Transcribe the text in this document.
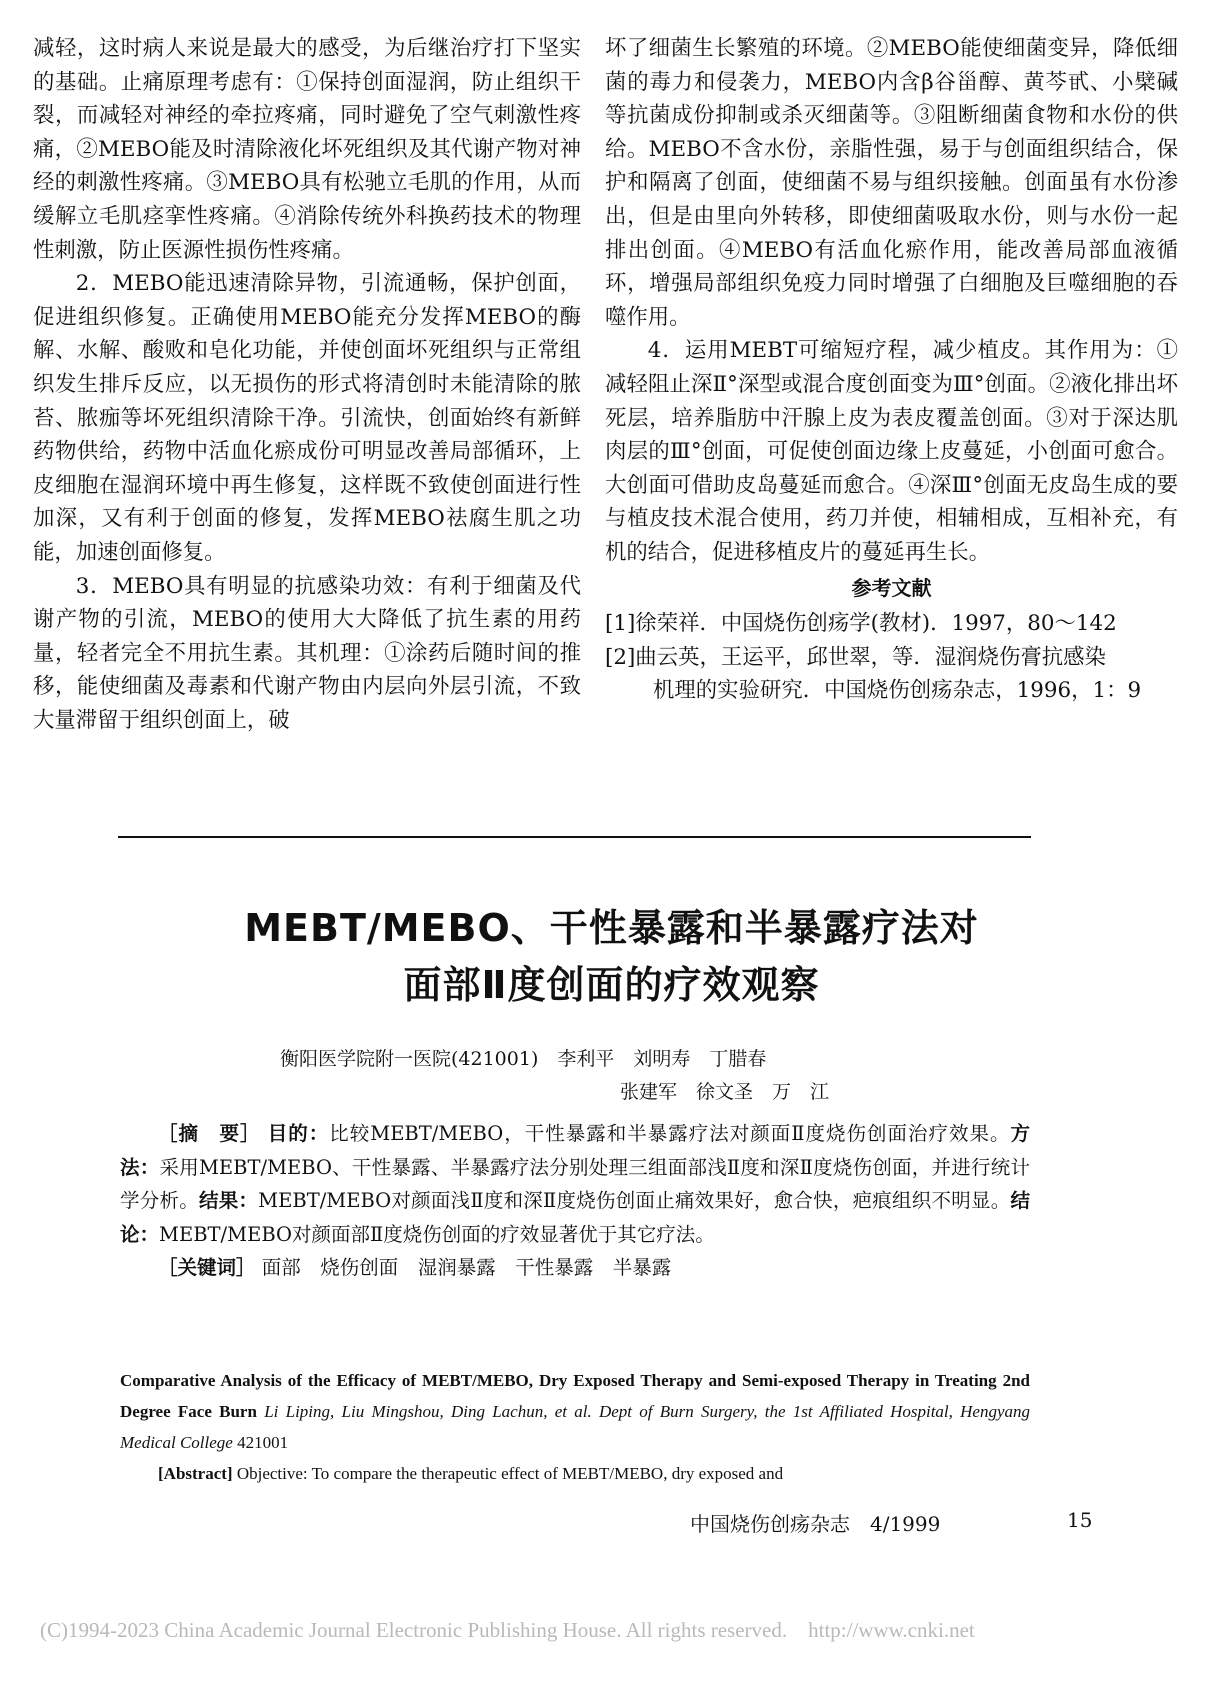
减轻，这时病人来说是最大的感受，为后继治疗打下坚实的基础。止痛原理考虑有：①保持创面湿润，防止组织干裂，而减轻对神经的牵拉疼痛，同时避免了空气刺激性疼痛，②MEBO能及时清除液化坏死组织及其代谢产物对神经的刺激性疼痛。③MEBO具有松驰立毛肌的作用，从而缓解立毛肌痉挛性疼痛。④消除传统外科换药技术的物理性刺激，防止医源性损伤性疼痛。

2．MEBO能迅速清除异物，引流通畅，保护创面，促进组织修复。正确使用MEBO能充分发挥MEBO的酶解、水解、酸败和皂化功能，并使创面坏死组织与正常组织发生排斥反应，以无损伤的形式将清创时未能清除的脓苔、脓痂等坏死组织清除干净。引流快，创面始终有新鲜药物供给，药物中活血化瘀成份可明显改善局部循环，上皮细胞在湿润环境中再生修复，这样既不致使创面进行性加深，又有利于创面的修复，发挥MEBO祛腐生肌之功能，加速创面修复。

3．MEBO具有明显的抗感染功效：有利于细菌及代谢产物的引流，MEBO的使用大大降低了抗生素的用药量，轻者完全不用抗生素。其机理：①涂药后随时间的推移，能使细菌及毒素和代谢产物由内层向外层引流，不致大量滞留于组织创面上，破

坏了细菌生长繁殖的环境。②MEBO能使细菌变异，降低细菌的毒力和侵袭力，MEBO内含β谷甾醇、黄芩甙、小檗碱等抗菌成份抑制或杀灭细菌等。③阻断细菌食物和水份的供给。MEBO不含水份，亲脂性强，易于与创面组织结合，保护和隔离了创面，使细菌不易与组织接触。创面虽有水份渗出，但是由里向外转移，即使细菌吸取水份，则与水份一起排出创面。④MEBO有活血化瘀作用，能改善局部血液循环，增强局部组织免疫力同时增强了白细胞及巨噬细胞的吞噬作用。

4．运用MEBT可缩短疗程，减少植皮。其作用为：①减轻阻止深Ⅱ°深型或混合度创面变为Ⅲ°创面。②液化排出坏死层，培养脂肪中汗腺上皮为表皮覆盖创面。③对于深达肌肉层的Ⅲ°创面，可促使创面边缘上皮蔓延，小创面可愈合。大创面可借助皮岛蔓延而愈合。④深Ⅲ°创面无皮岛生成的要与植皮技术混合使用，药刀并使，相辅相成，互相补充，有机的结合，促进移植皮片的蔓延再生长。

参考文献

[1]徐荣祥．中国烧伤创疡学(教材)．1997，80～142

[2]曲云英，王运平，邱世翠，等．湿润烧伤膏抗感染

机理的实验研究．中国烧伤创疡杂志，1996，1：9

MEBT/MEBO、干性暴露和半暴露疗法对
面部Ⅱ度创面的疗效观察
衡阳医学院附一医院(421001)　李利平　刘明寿　丁腊春
张建军　徐文圣　万　江

［摘　要］ 目的：比较MEBT/MEBO，干性暴露和半暴露疗法对颜面Ⅱ度烧伤创面治疗效果。方法：采用MEBT/MEBO、干性暴露、半暴露疗法分别处理三组面部浅Ⅱ度和深Ⅱ度烧伤创面，并进行统计学分析。结果：MEBT/MEBO对颜面浅Ⅱ度和深Ⅱ度烧伤创面止痛效果好，愈合快，疤痕组织不明显。结论：MEBT/MEBO对颜面部Ⅱ度烧伤创面的疗效显著优于其它疗法。

［关键词］ 面部　烧伤创面　湿润暴露　干性暴露　半暴露

Comparative Analysis of the Efficacy of MEBT/MEBO, Dry Exposed Therapy and Semi-exposed Therapy in Treating 2nd Degree Face Burn Li Liping, Liu Mingshou, Ding Lachun, et al. Dept of Burn Surgery, the 1st Affiliated Hospital, Hengyang Medical College 421001

[Abstract] Objective: To compare the therapeutic effect of MEBT/MEBO, dry exposed and

中国烧伤创疡杂志　4/1999	15
(C)1994-2023 China Academic Journal Electronic Publishing House. All rights reserved.　http://www.cnki.net
